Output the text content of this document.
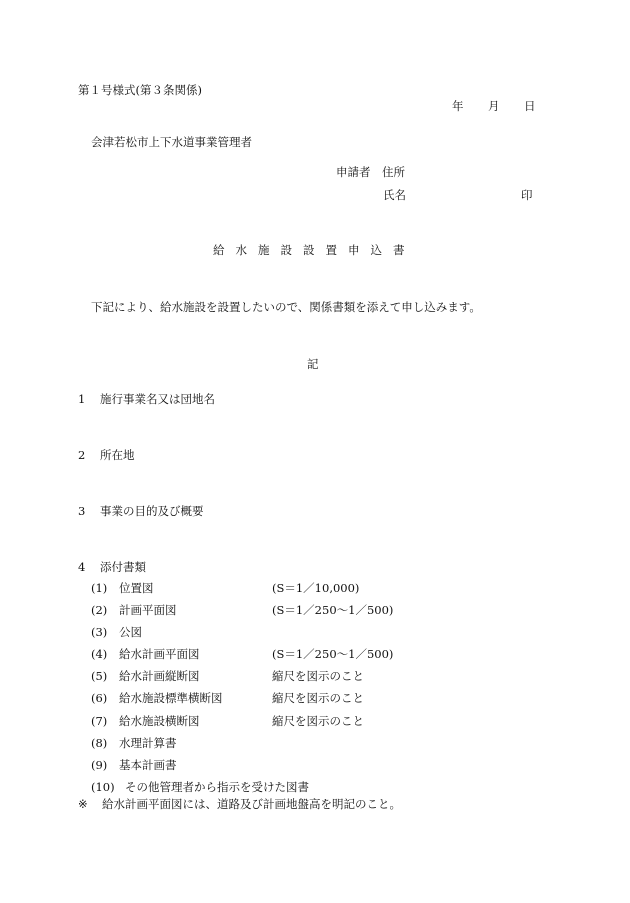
第１号様式(第３条関係)
年 月 日
会津若松市上下水道事業管理者
申請者　住所
氏名	印
給水施設設置申込書
下記により、給水施設を設置したいので、関係書類を添えて申し込みます。
記
1 施行事業名又は団地名
2 所在地
3 事業の目的及び概要
4 添付書類
(1) 位置図	(S＝1／10,000)
(2) 計画平面図	(S＝1／250～1／500)
(3) 公図
(4) 給水計画平面図	(S＝1／250～1／500)
(5) 給水計画縦断図	縮尺を図示のこと
(6) 給水施設標準横断図	縮尺を図示のこと
(7) 給水施設横断図	縮尺を図示のこと
(8) 水理計算書
(9) 基本計画書
(10) その他管理者から指示を受けた図書
※ 給水計画平面図には、道路及び計画地盤高を明記のこと。
